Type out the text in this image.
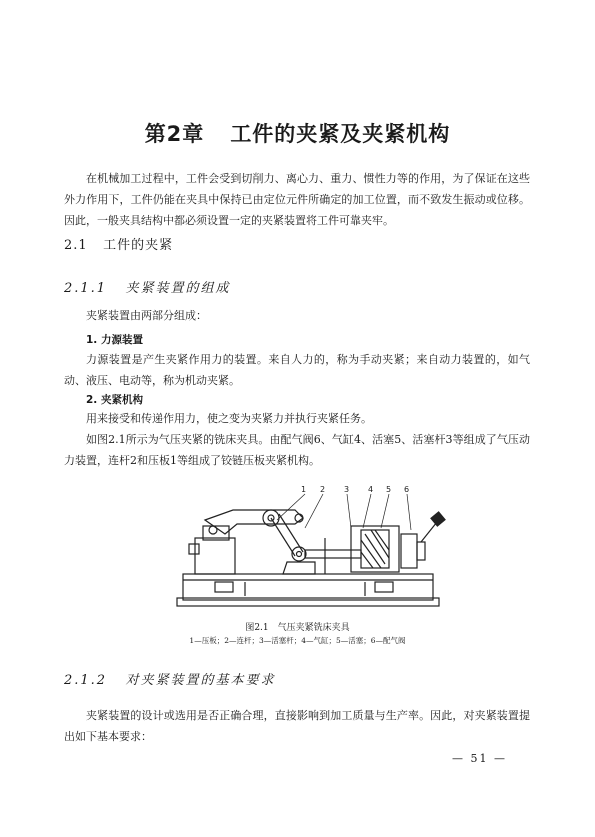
第2章 工件的夹紧及夹紧机构

在机械加工过程中，工件会受到切削力、离心力、重力、惯性力等的作用，为了保证在这些外力作用下，工件仍能在夹具中保持已由定位元件所确定的加工位置，而不致发生振动或位移。因此，一般夹具结构中都必须设置一定的夹紧装置将工件可靠夹牢。

2.1 工件的夹紧
2.1.1 夹紧装置的组成

夹紧装置由两部分组成：

1. 力源装置

力源装置是产生夹紧作用力的装置。来自人力的，称为手动夹紧；来自动力装置的，如气动、液压、电动等，称为机动夹紧。

2. 夹紧机构

用来接受和传递作用力，使之变为夹紧力并执行夹紧任务。

如图2.1所示为气压夹紧的铣床夹具。由配气阀6、气缸4、活塞5、活塞杆3等组成了气压动力装置，连杆2和压板1等组成了铰链压板夹紧机构。

1 2 3 4 5 6

图2.1　气压夹紧铣床夹具

1—压板；2—连杆；3—活塞杆；4—气缸；5—活塞；6—配气阀

2.1.2 对夹紧装置的基本要求

夹紧装置的设计或选用是否正确合理，直接影响到加工质量与生产率。因此，对夹紧装置提出如下基本要求：

— 51 —
